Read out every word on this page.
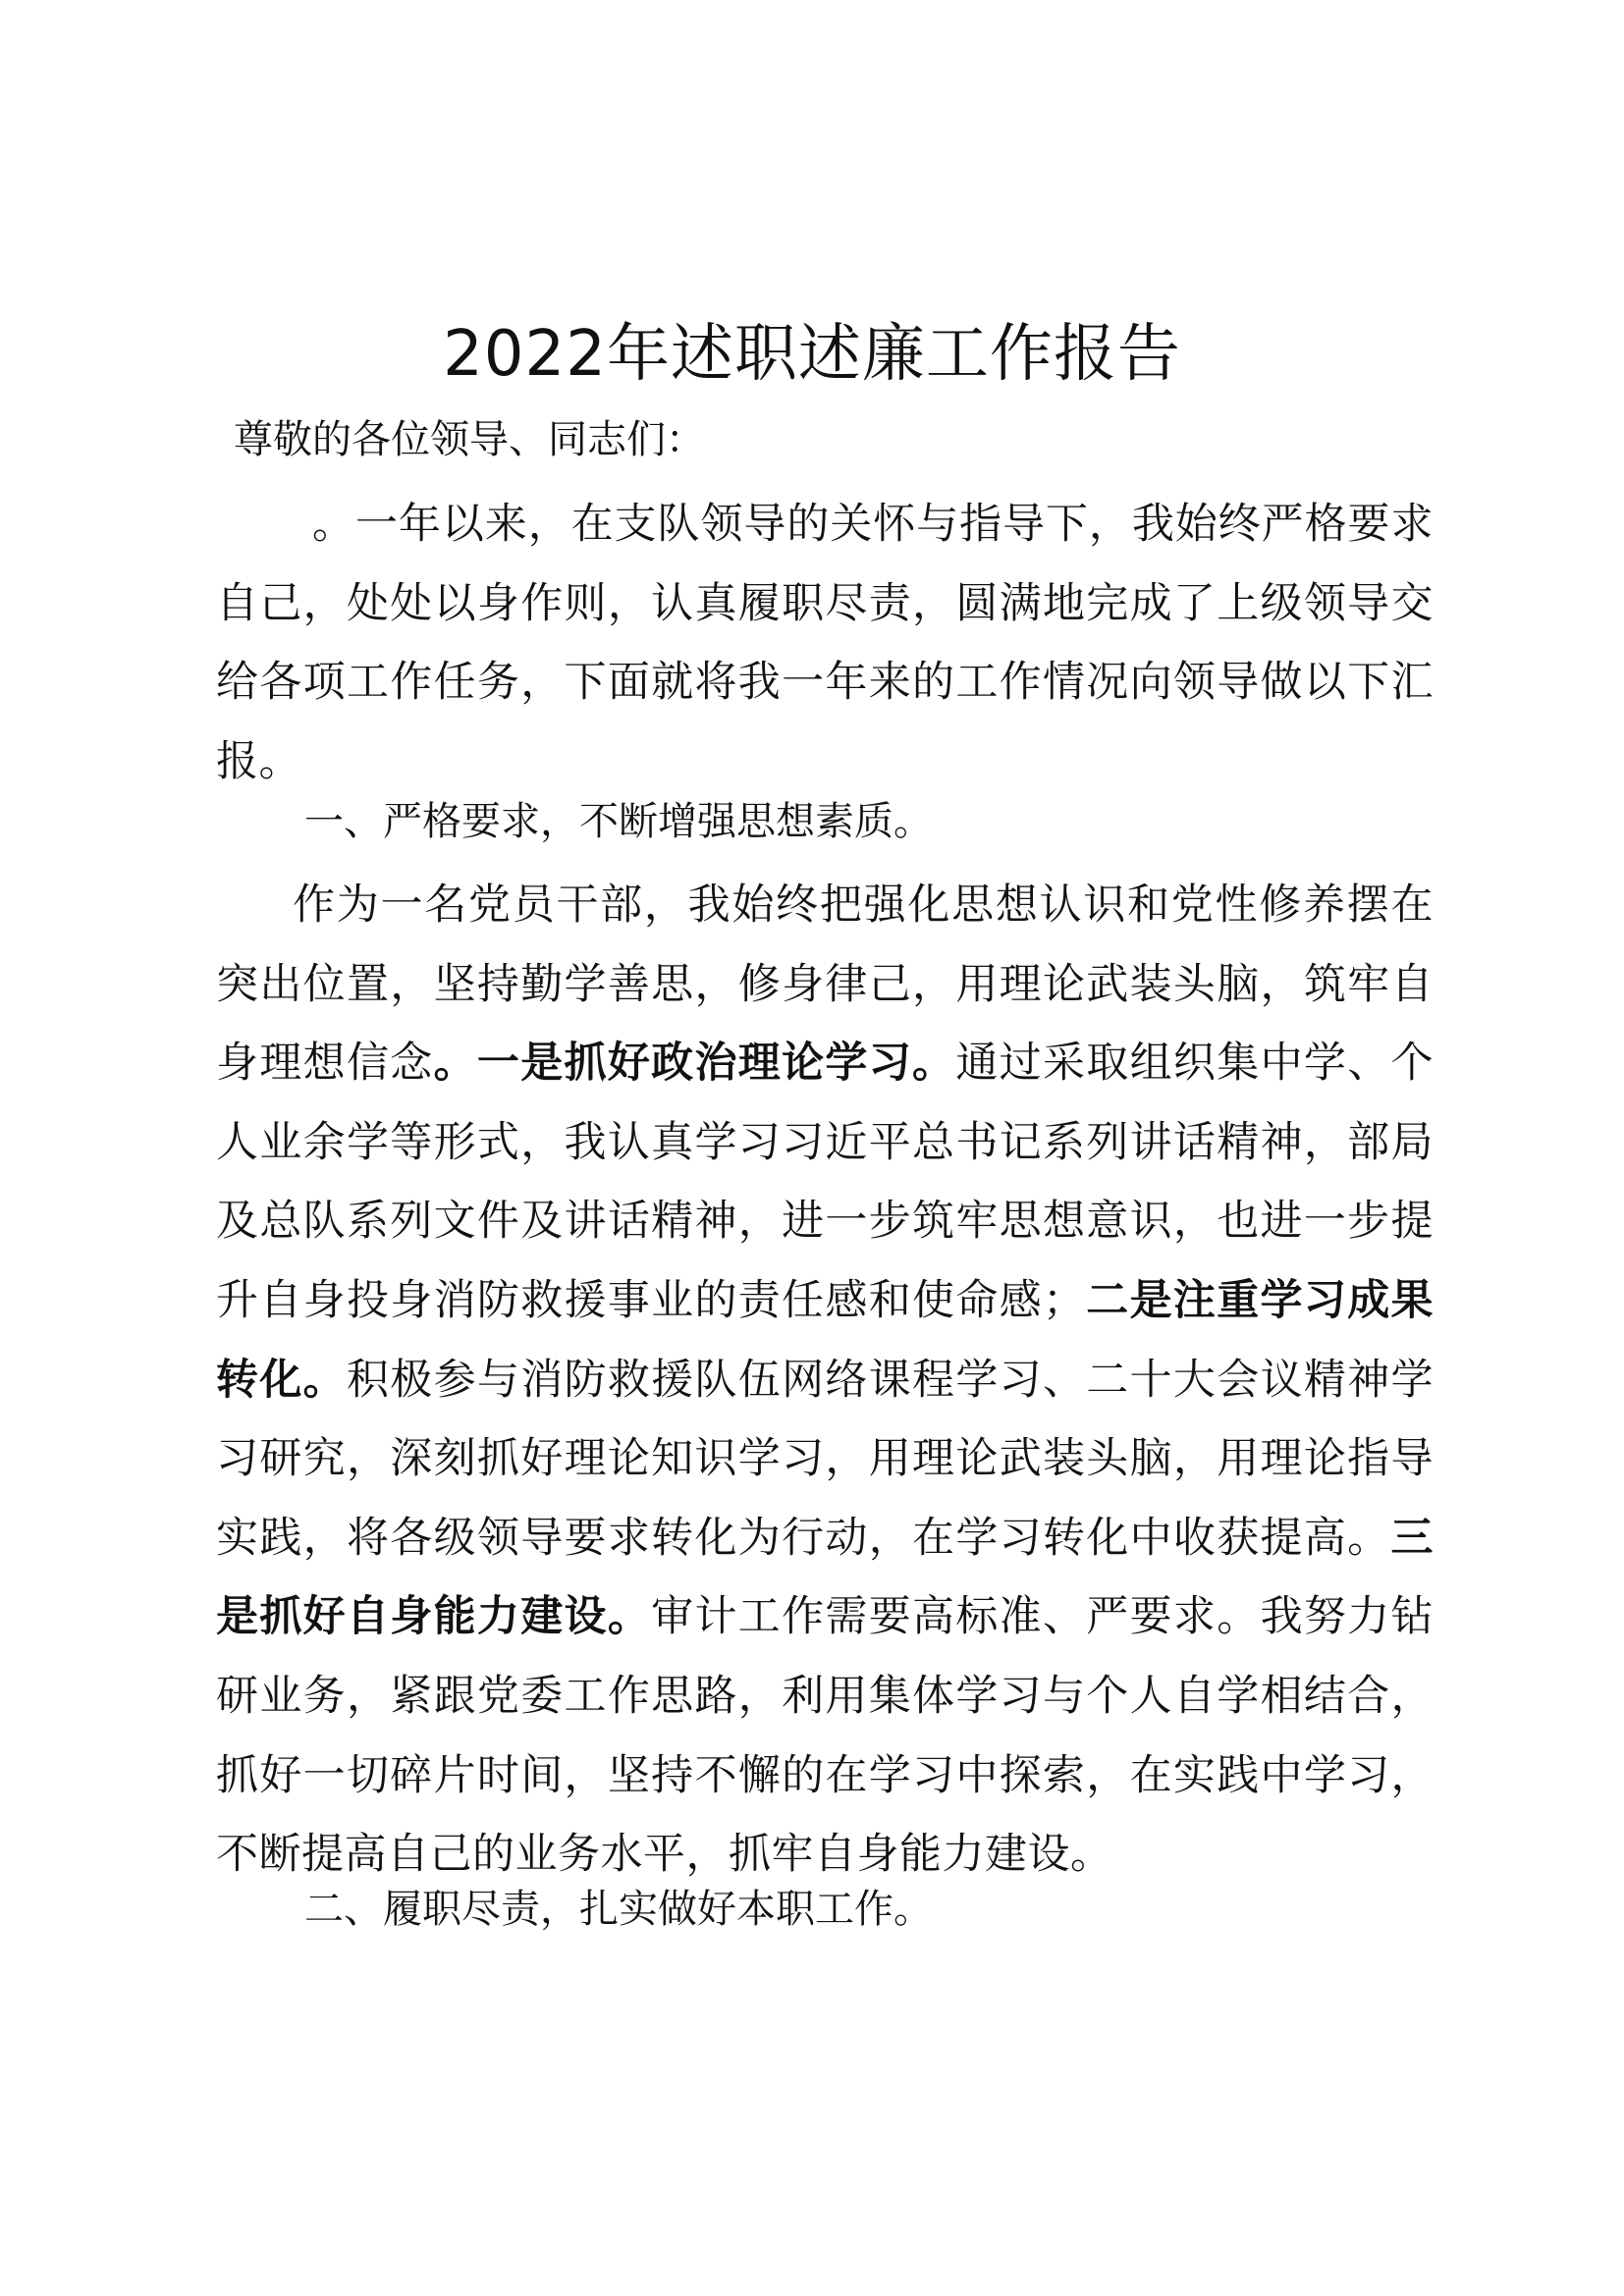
2022年述职述廉工作报告

尊敬的各位领导、同志们：

。一年以来，在支队领导的关怀与指导下，我始终严格要求自己，处处以身作则，认真履职尽责，圆满地完成了上级领导交给各项工作任务，下面就将我一年来的工作情况向领导做以下汇报。

一、严格要求，不断增强思想素质。

作为一名党员干部，我始终把强化思想认识和党性修养摆在突出位置，坚持勤学善思，修身律己，用理论武装头脑，筑牢自身理想信念。一是抓好政治理论学习。通过采取组织集中学、个人业余学等形式，我认真学习习近平总书记系列讲话精神，部局及总队系列文件及讲话精神，进一步筑牢思想意识，也进一步提升自身投身消防救援事业的责任感和使命感；二是注重学习成果转化。积极参与消防救援队伍网络课程学习、二十大会议精神学习研究，深刻抓好理论知识学习，用理论武装头脑，用理论指导实践，将各级领导要求转化为行动，在学习转化中收获提高。三是抓好自身能力建设。审计工作需要高标准、严要求。我努力钻研业务，紧跟党委工作思路，利用集体学习与个人自学相结合，抓好一切碎片时间，坚持不懈的在学习中探索，在实践中学习，不断提高自己的业务水平，抓牢自身能力建设。

二、履职尽责，扎实做好本职工作。
